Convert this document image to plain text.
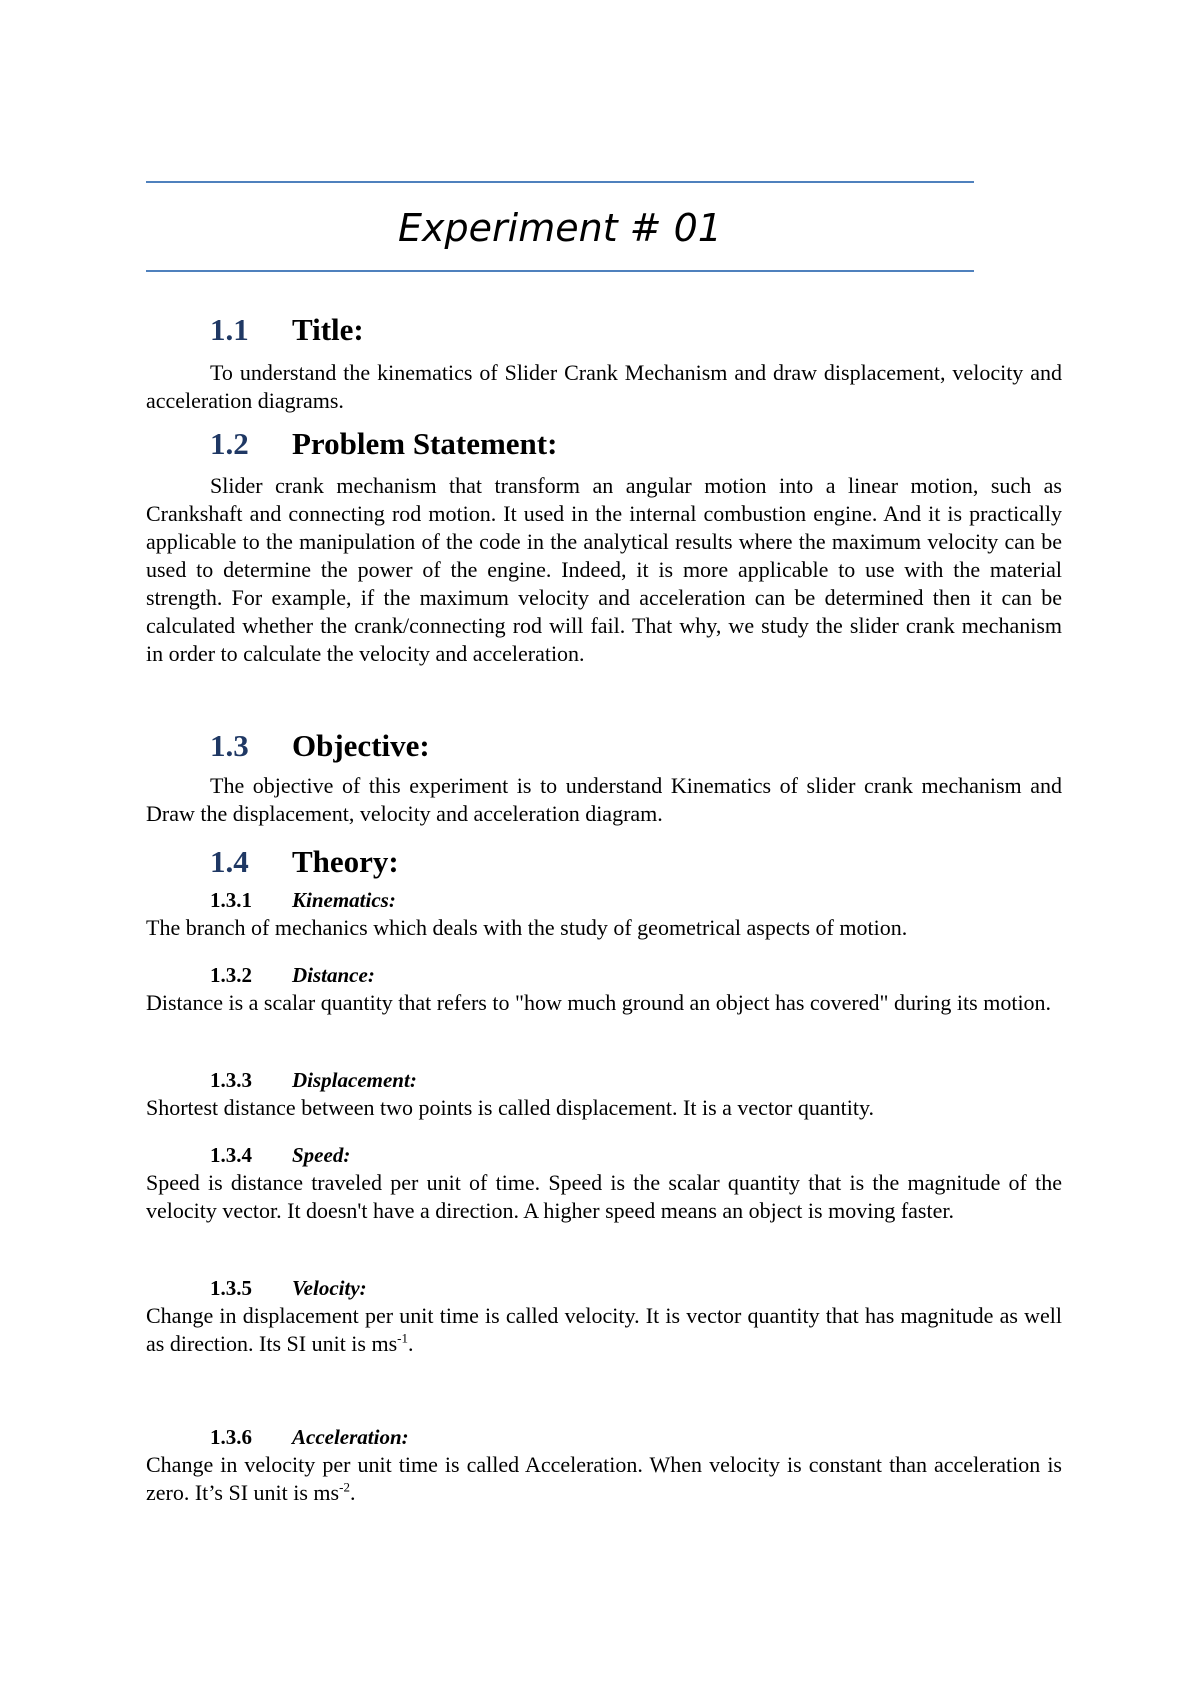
Experiment # 01
1.1 Title:

To understand the kinematics of Slider Crank Mechanism and draw displacement, velocity and acceleration diagrams.

1.2 Problem Statement:

Slider crank mechanism that transform an angular motion into a linear motion, such as Crankshaft and connecting rod motion. It used in the internal combustion engine. And it is practically applicable to the manipulation of the code in the analytical results where the maximum velocity can be used to determine the power of the engine. Indeed, it is more applicable to use with the material strength. For example, if the maximum velocity and acceleration can be determined then it can be calculated whether the crank/connecting rod will fail. That why, we study the slider crank mechanism in order to calculate the velocity and acceleration.

1.3 Objective:

The objective of this experiment is to understand Kinematics of slider crank mechanism and Draw the displacement, velocity and acceleration diagram.

1.4 Theory:
1.3.1 Kinematics:

The branch of mechanics which deals with the study of geometrical aspects of motion.

1.3.2 Distance:

Distance is a scalar quantity that refers to "how much ground an object has covered" during its motion.

1.3.3 Displacement:

Shortest distance between two points is called displacement. It is a vector quantity.

1.3.4 Speed:

Speed is distance traveled per unit of time. Speed is the scalar quantity that is the magnitude of the velocity vector. It doesn't have a direction. A higher speed means an object is moving faster.

1.3.5 Velocity:

Change in displacement per unit time is called velocity. It is vector quantity that has magnitude as well as direction. Its SI unit is $ms^{-1}$.

1.3.6 Acceleration:

Change in velocity per unit time is called Acceleration. When velocity is constant than acceleration is zero. It’s SI unit is $ms^{-2}$.
